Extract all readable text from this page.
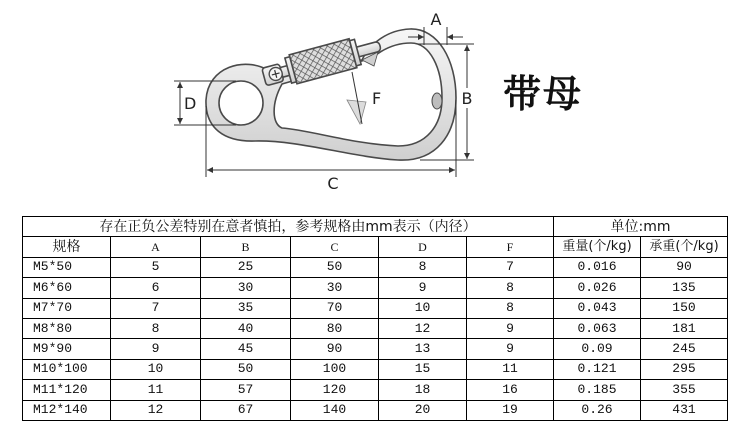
F
A
B
C
D	带母
存在正负公差特别在意者慎拍，参考规格由mm表示（内径）						单位:mm	
规格	A	B	C	D	F	重量(个/kg)	承重(个/kg)
M5*50	5	25	50	8	7	0.016	90
M6*60	6	30	30	9	8	0.026	135
M7*70	7	35	70	10	8	0.043	150
M8*80	8	40	80	12	9	0.063	181
M9*90	9	45	90	13	9	0.09	245
M10*100	10	50	100	15	11	0.121	295
M11*120	11	57	120	18	16	0.185	355
M12*140	12	67	140	20	19	0.26	431
